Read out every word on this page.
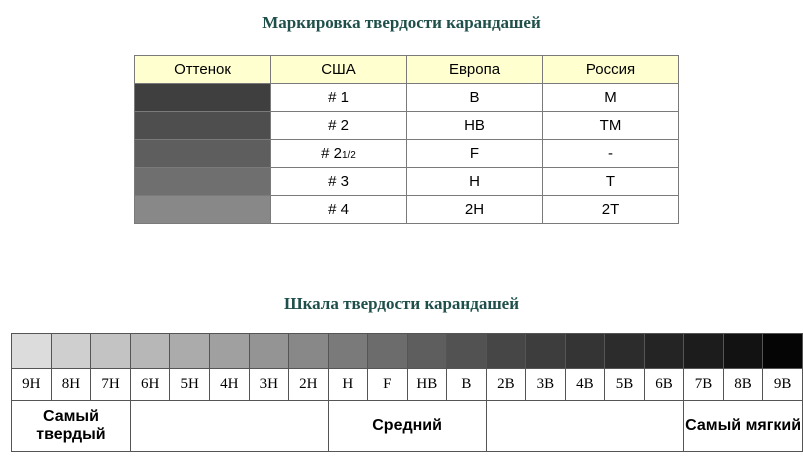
Маркировка твердости карандашей
Оттенок	США	Европа	Россия

	# 1	B	M

	# 2	HB	TM

	# 21/2	F	-

	# 3	H	T

	# 4	2H	2T
Шкала твердости карандашей

9H	8H	7H	6H	5H	4H	3H	2H	H	F	HB	B	2B	3B	4B	5B	6B	7B	8B	9B
Самый твердый								Средний									Самый мягкий		
